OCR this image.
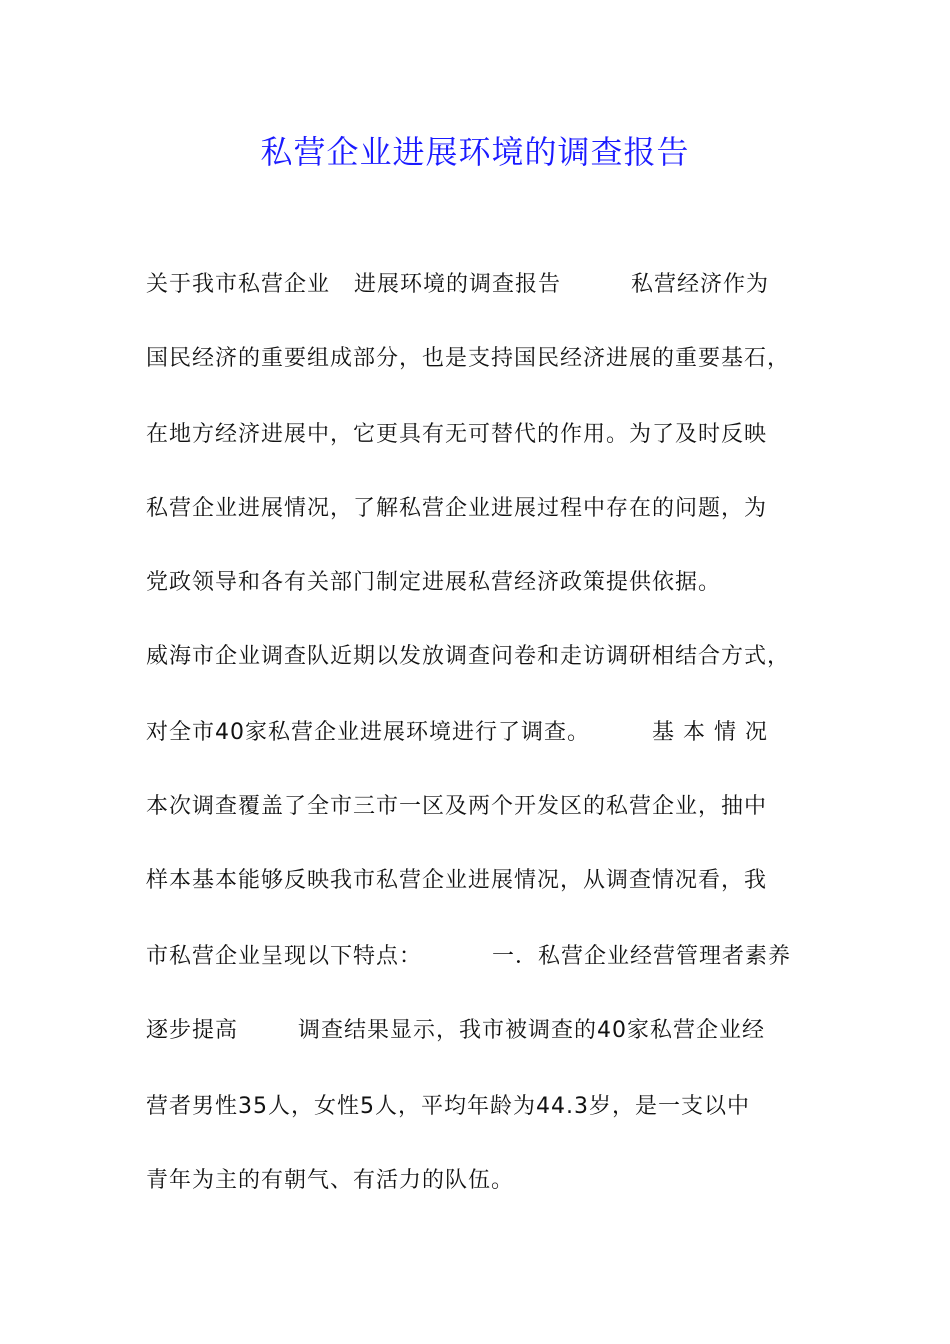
私营企业进展环境的调查报告
关于我市私营企业 进展环境的调查报告	私营经济作为
国民经济的重要组成部分，也是支持国民经济进展的重要基石，
在地方经济进展中，它更具有无可替代的作用。为了及时反映
私营企业进展情况，了解私营企业进展过程中存在的问题，为
党政领导和各有关部门制定进展私营经济政策提供依据。
威海市企业调查队近期以发放调查问卷和走访调研相结合方式，
对全市40家私营企业进展环境进行了调查。	基 本 情 况
本次调查覆盖了全市三市一区及两个开发区的私营企业，抽中
样本基本能够反映我市私营企业进展情况，从调查情况看，我
市私营企业呈现以下特点：	一．私营企业经营管理者素养
逐步提高	调查结果显示，我市被调查的40家私营企业经
营者男性35人，女性5人，平均年龄为44.3岁，是一支以中
青年为主的有朝气、有活力的队伍。
